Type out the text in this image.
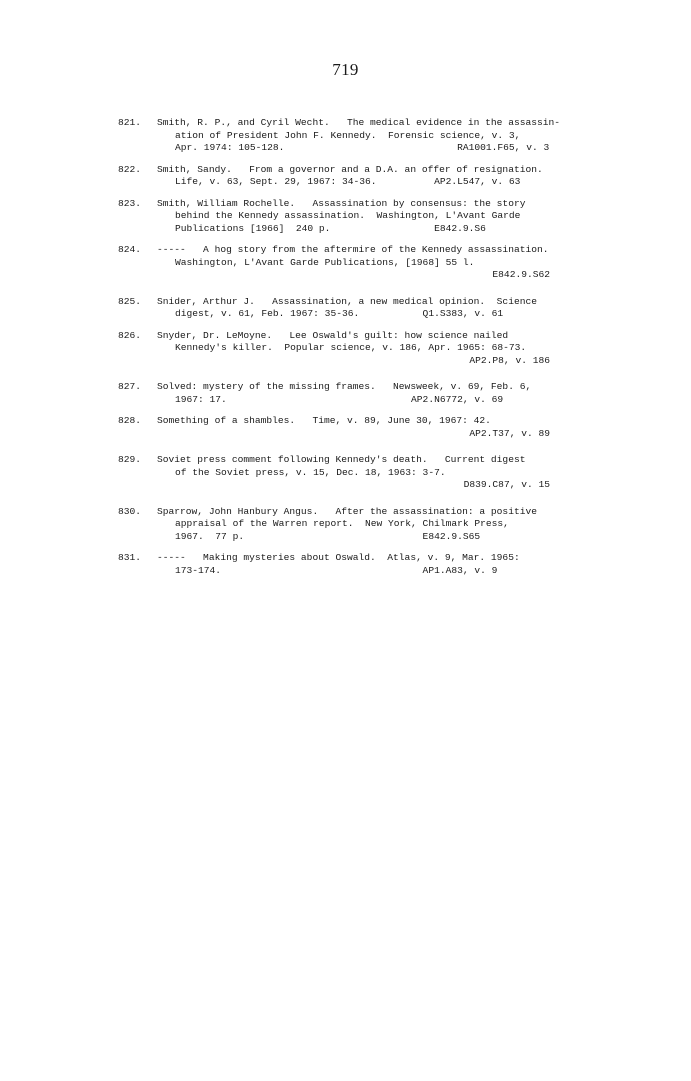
719
821.	Smith, R. P., and Cyril Wecht.   The medical evidence in the assassin-
ation of President John F. Kennedy.  Forensic science, v. 3,
Apr. 1974: 105-128.                              RA1001.F65, v. 3
822.	Smith, Sandy.   From a governor and a D.A. an offer of resignation.
Life, v. 63, Sept. 29, 1967: 34-36.          AP2.L547, v. 63
823.	Smith, William Rochelle.   Assassination by consensus: the story
behind the Kennedy assassination.  Washington, L'Avant Garde
Publications [1966]  240 p.                  E842.9.S6
824.	-----   A hog story from the aftermire of the Kennedy assassination.
Washington, L'Avant Garde Publications, [1968] 55 l.
E842.9.S62
825.	Snider, Arthur J.   Assassination, a new medical opinion.  Science
digest, v. 61, Feb. 1967: 35-36.           Q1.S383, v. 61
826.	Snyder, Dr. LeMoyne.   Lee Oswald's guilt: how science nailed
Kennedy's killer.  Popular science, v. 186, Apr. 1965: 68-73.
AP2.P8, v. 186
827.	Solved: mystery of the missing frames.   Newsweek, v. 69, Feb. 6,
1967: 17.                                AP2.N6772, v. 69
828.	Something of a shambles.   Time, v. 89, June 30, 1967: 42.
AP2.T37, v. 89
829.	Soviet press comment following Kennedy's death.   Current digest
of the Soviet press, v. 15, Dec. 18, 1963: 3-7.
D839.C87, v. 15
830.	Sparrow, John Hanbury Angus.   After the assassination: a positive
appraisal of the Warren report.  New York, Chilmark Press,
1967.  77 p.                               E842.9.S65
831.	-----   Making mysteries about Oswald.  Atlas, v. 9, Mar. 1965:
173-174.                                   AP1.A83, v. 9
